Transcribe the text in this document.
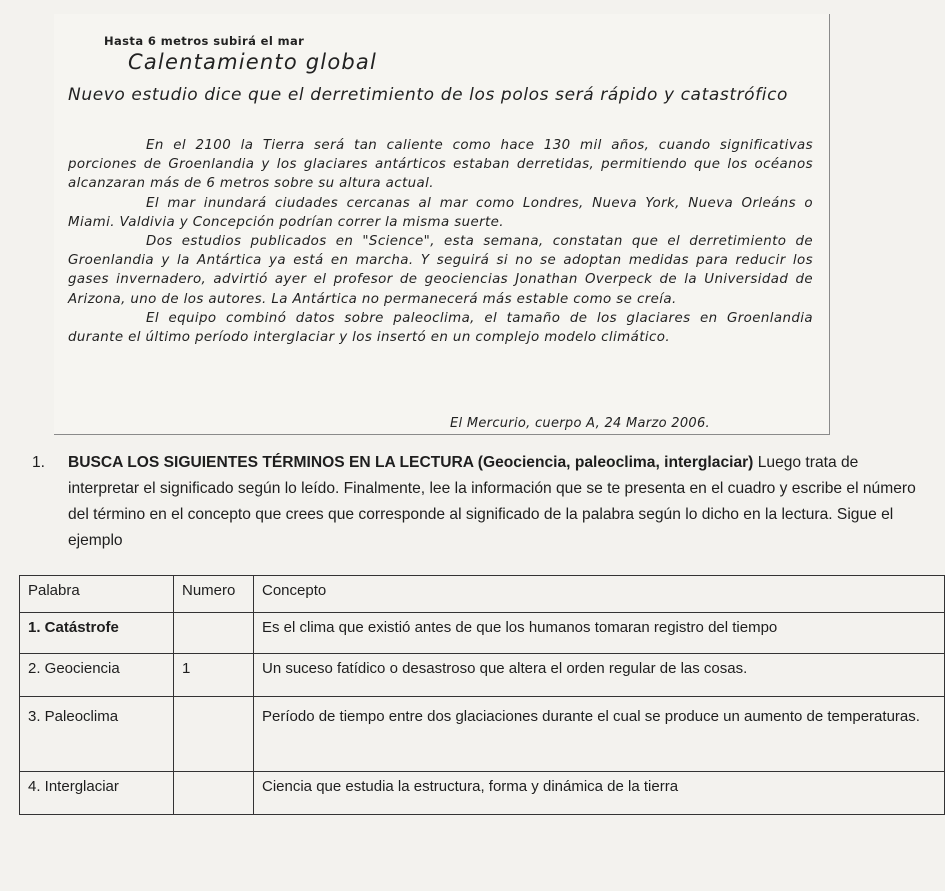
Hasta 6 metros subirá el mar
Calentamiento global
Nuevo estudio dice que el derretimiento de los polos será rápido y catastrófico

En el 2100 la Tierra será tan caliente como hace 130 mil años, cuando significativas porciones de Groenlandia y los glaciares antárticos estaban derretidas, permitiendo que los océanos alcanzaran más de 6 metros sobre su altura actual.

El mar inundará ciudades cercanas al mar como Londres, Nueva York, Nueva Orleáns o Miami. Valdivia y Concepción podrían correr la misma suerte.

Dos estudios publicados en "Science", esta semana, constatan que el derretimiento de Groenlandia y la Antártica ya está en marcha. Y seguirá si no se adoptan medidas para reducir los gases invernadero, advirtió ayer el profesor de geociencias Jonathan Overpeck de la Universidad de Arizona, uno de los autores. La Antártica no permanecerá más estable como se creía.

El equipo combinó datos sobre paleoclima, el tamaño de los glaciares en Groenlandia durante el último período interglaciar y los insertó en un complejo modelo climático.

El Mercurio, cuerpo A, 24 Marzo 2006.
1. BUSCA LOS SIGUIENTES TÉRMINOS EN LA LECTURA (Geociencia, paleoclima, interglaciar) Luego trata de
interpretar el significado según lo leído. Finalmente, lee la información que se te presenta en el cuadro y escribe el número del término en el concepto que crees que corresponde al significado de la palabra según lo dicho en la lectura. Sigue el ejemplo
Palabra	Numero	Concepto
1. Catástrofe		Es el clima que existió antes de que los humanos tomaran registro del tiempo
2. Geociencia	1	Un suceso fatídico o desastroso que altera el orden regular de las cosas.
3. Paleoclima		Período de tiempo entre dos glaciaciones durante el cual se produce un aumento de temperaturas.
4. Interglaciar		Ciencia que estudia la estructura, forma y dinámica de la tierra
